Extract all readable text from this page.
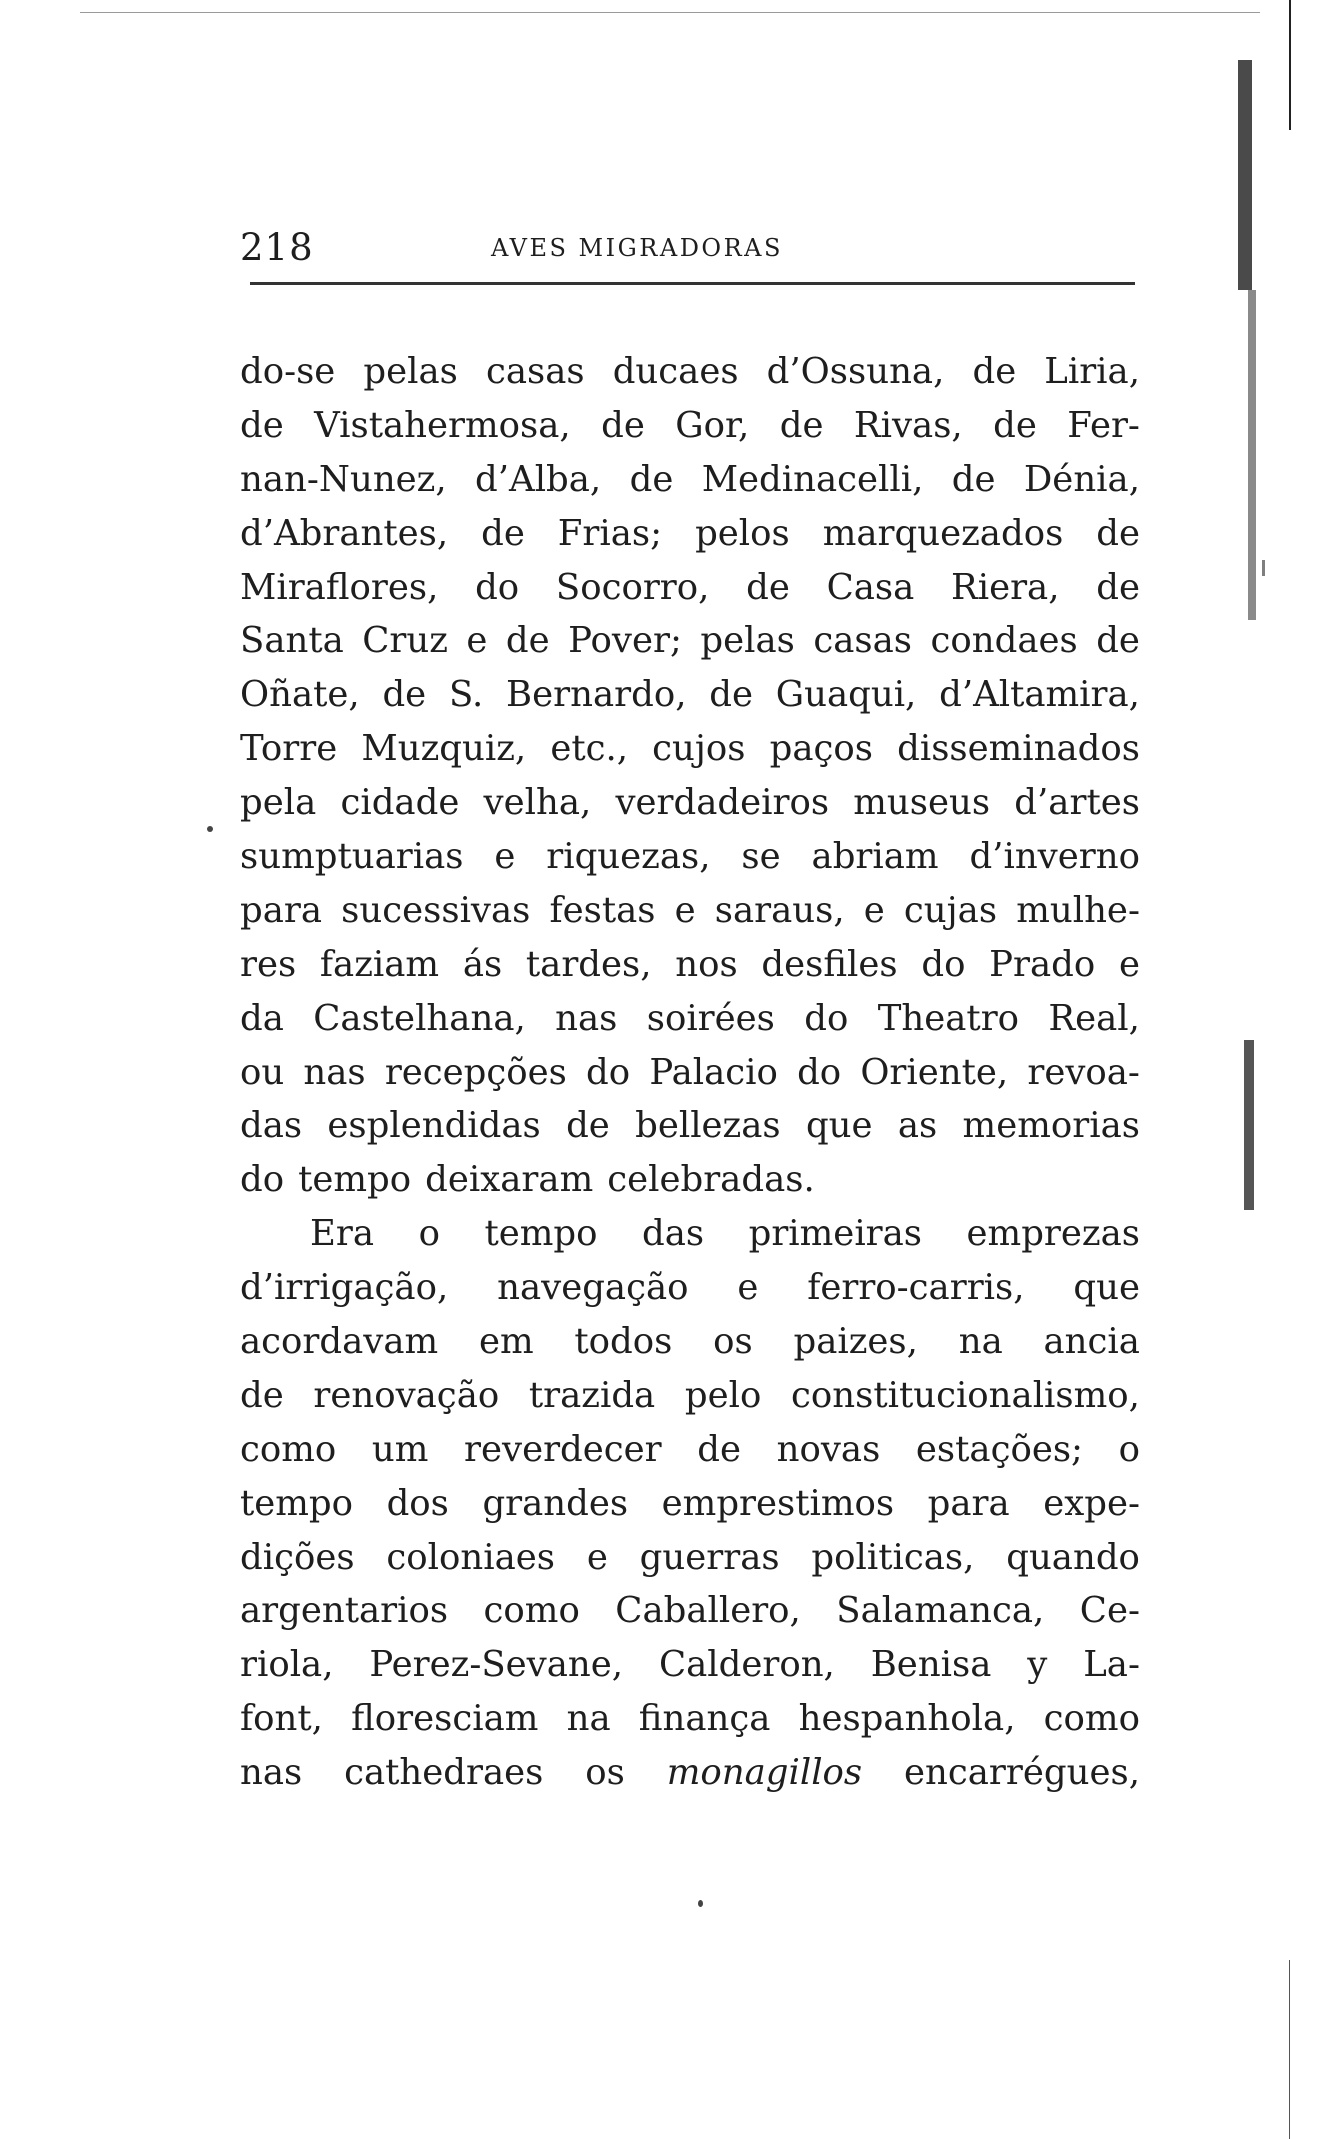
218	AVES MIGRADORAS
do-se pelas casas ducaes d’Ossuna, de Liria,
de Vistahermosa, de Gor, de Rivas, de Fer-
nan-Nunez, d’Alba, de Medinacelli, de Dénia,
d’Abrantes, de Frias; pelos marquezados de
Miraflores, do Socorro, de Casa Riera, de
Santa Cruz e de Pover; pelas casas condaes de
Oñate, de S. Bernardo, de Guaqui, d’Altamira,
Torre Muzquiz, etc., cujos paços disseminados
pela cidade velha, verdadeiros museus d’artes
sumptuarias e riquezas, se abriam d’inverno
para sucessivas festas e saraus, e cujas mulhe-
res faziam ás tardes, nos desfiles do Prado e
da Castelhana, nas soirées do Theatro Real,
ou nas recepções do Palacio do Oriente, revoa-
das esplendidas de bellezas que as memorias
do tempo deixaram celebradas.
Era o tempo das primeiras emprezas
d’irrigação, navegação e ferro-carris, que
acordavam em todos os paizes, na ancia
de renovação trazida pelo constitucionalismo,
como um reverdecer de novas estações; o
tempo dos grandes emprestimos para expe-
dições coloniaes e guerras politicas, quando
argentarios como Caballero, Salamanca, Ce-
riola, Perez-Sevane, Calderon, Benisa y La-
font, floresciam na finança hespanhola, como
nas cathedraes os monagillos encarrégues,
